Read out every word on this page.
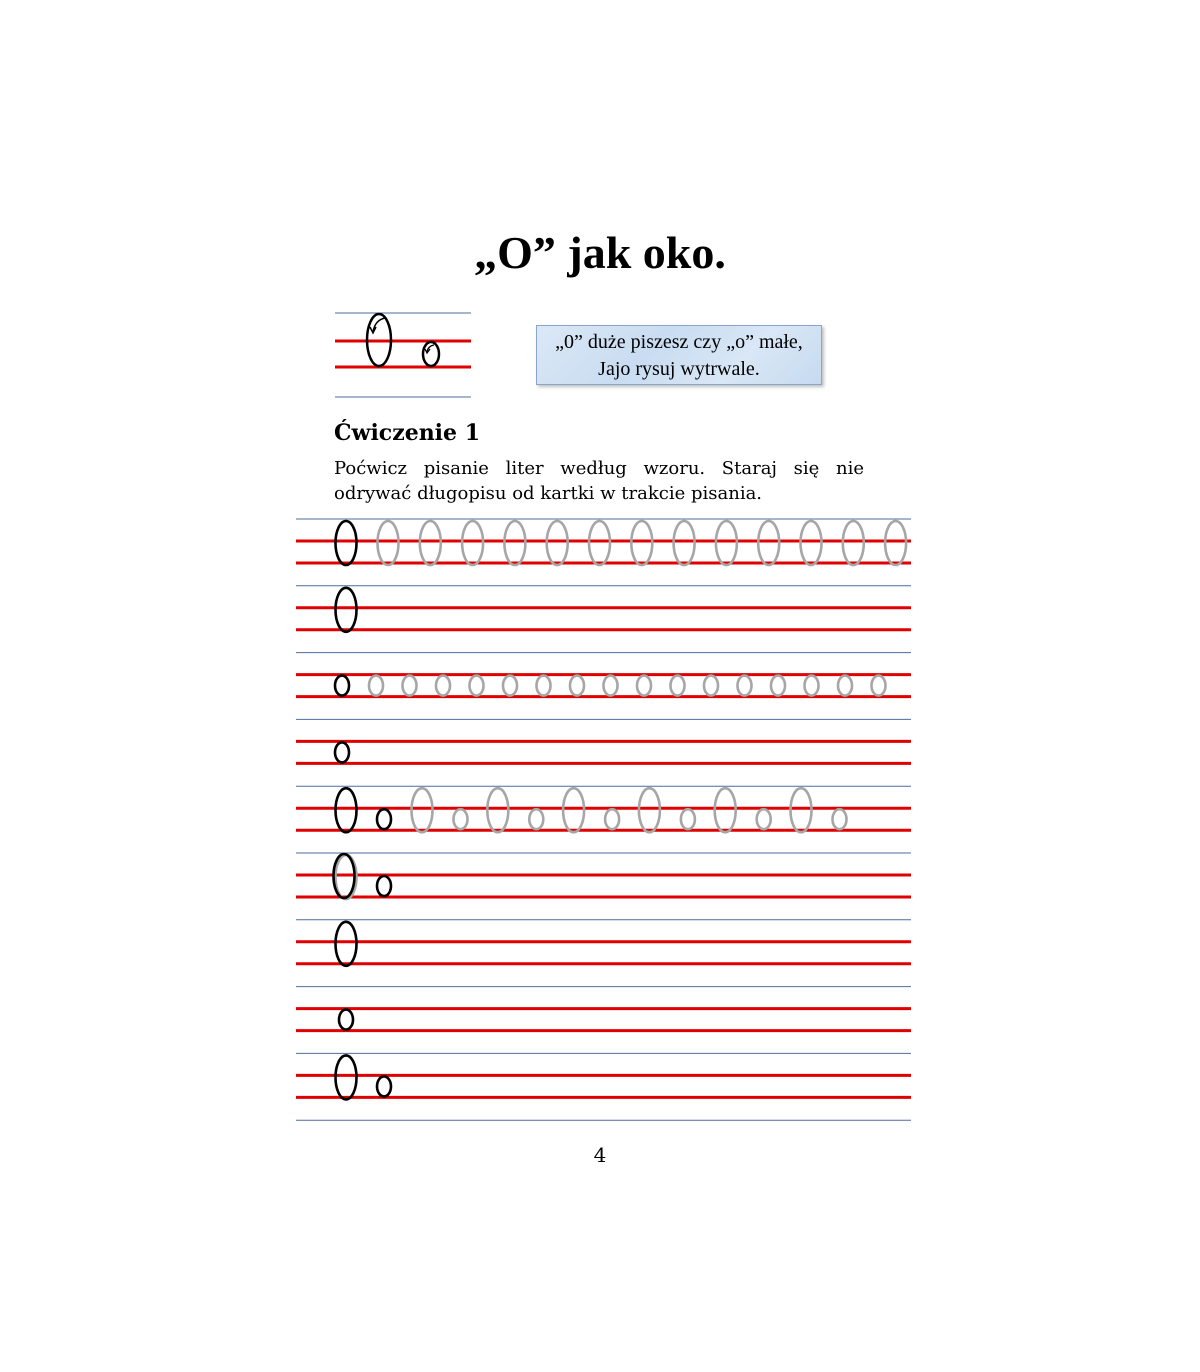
„O” jak oko.
„0” duże piszesz czy „o” małe,
Jajo rysuj wytrwale.
Ćwiczenie 1

Poćwicz pisanie liter według wzoru. Staraj się nie odrywać długopisu od kartki w trakcie pisania.

4
